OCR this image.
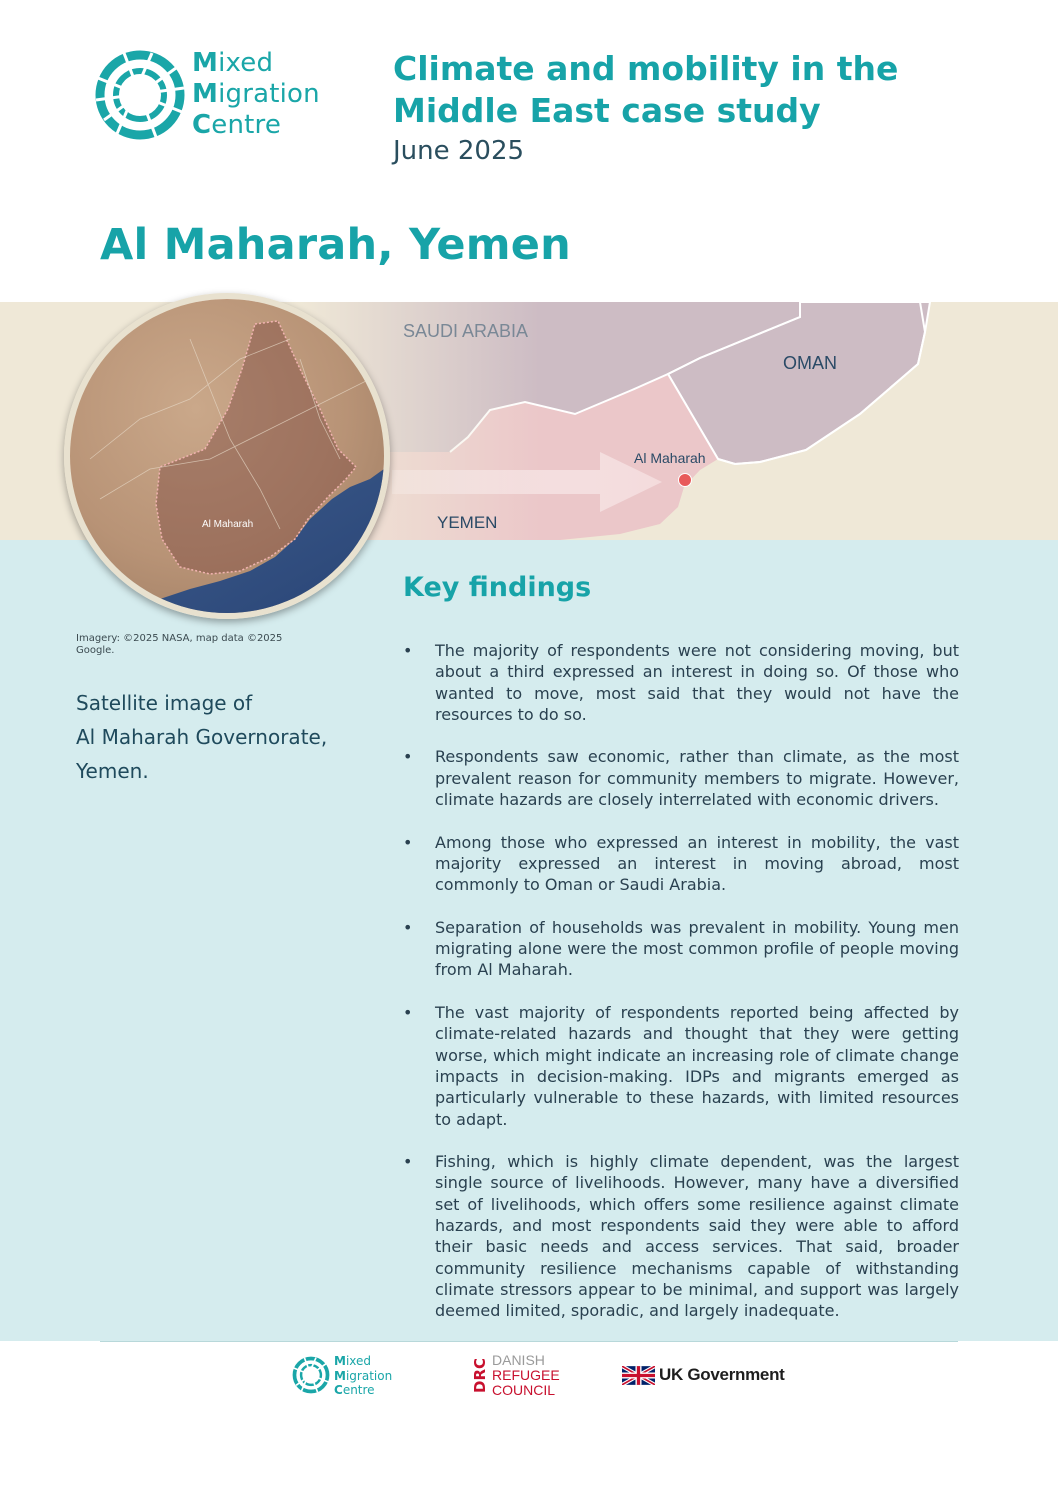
Mixed
Migration
Centre
Climate and mobility in the Middle East case study
June 2025
Al Maharah, Yemen
SAUDI ARABIA
OMAN
YEMEN
Al Maharah
Al Maharah
Imagery: ©2025 NASA, map data ©2025 Google.
Satellite image of
Al Maharah Governorate,
Yemen.
Key findings
• The majority of respondents were not considering moving, but about a third expressed an interest in doing so. Of those who wanted to move, most said that they would not have the resources to do so.
• Respondents saw economic, rather than climate, as the most prevalent reason for community members to migrate. However, climate hazards are closely interrelated with economic drivers.
• Among those who expressed an interest in mobility, the vast majority expressed an interest in moving abroad, most commonly to Oman or Saudi Arabia.
• Separation of households was prevalent in mobility. Young men migrating alone were the most common profile of people moving from Al Maharah.
• The vast majority of respondents reported being affected by climate-related hazards and thought that they were getting worse, which might indicate an increasing role of climate change impacts in decision-making. IDPs and migrants emerged as particularly vulnerable to these hazards, with limited resources to adapt.
• Fishing, which is highly climate dependent, was the largest single source of livelihoods. However, many have a diversified set of livelihoods, which offers some resilience against climate hazards, and most respondents said they were able to afford their basic needs and access services. That said, broader community resilience mechanisms capable of withstanding climate stressors appear to be minimal, and support was largely deemed limited, sporadic, and largely inadequate.
Mixed
Migration
Centre	DRC DANISH
REFUGEE
COUNCIL
UK Government
